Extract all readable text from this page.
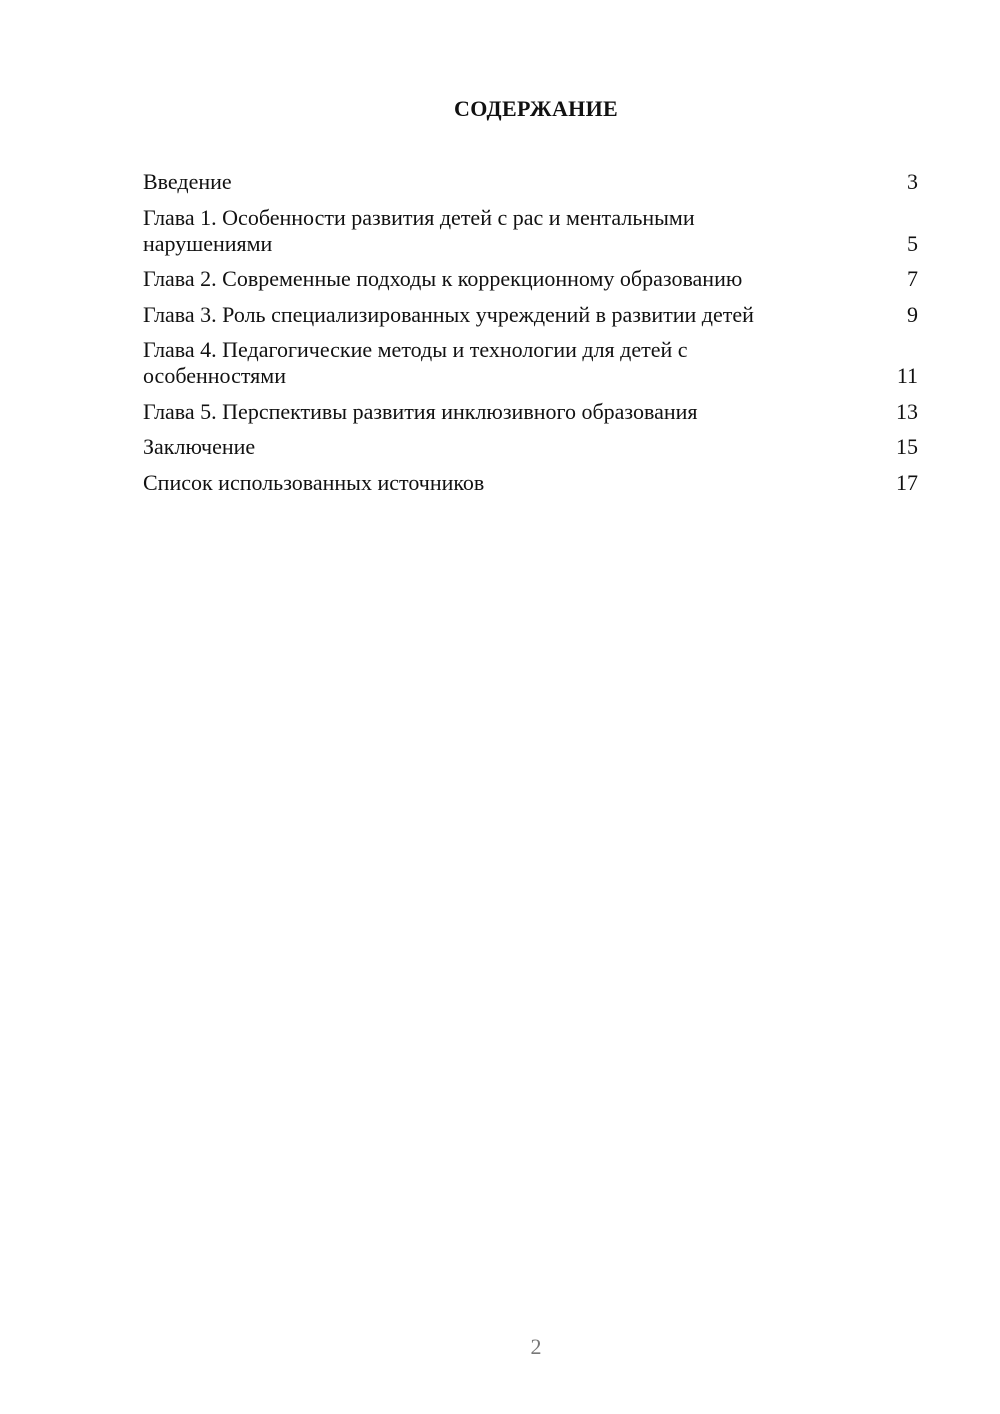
СОДЕРЖАНИЕ
Введение	3
Глава 1. Особенности развития детей с рас и ментальными нарушениями	5
Глава 2. Современные подходы к коррекционному образованию	7
Глава 3. Роль специализированных учреждений в развитии детей	9
Глава 4. Педагогические методы и технологии для детей с особенностями	11
Глава 5. Перспективы развития инклюзивного образования	13
Заключение	15
Список использованных источников	17
2
